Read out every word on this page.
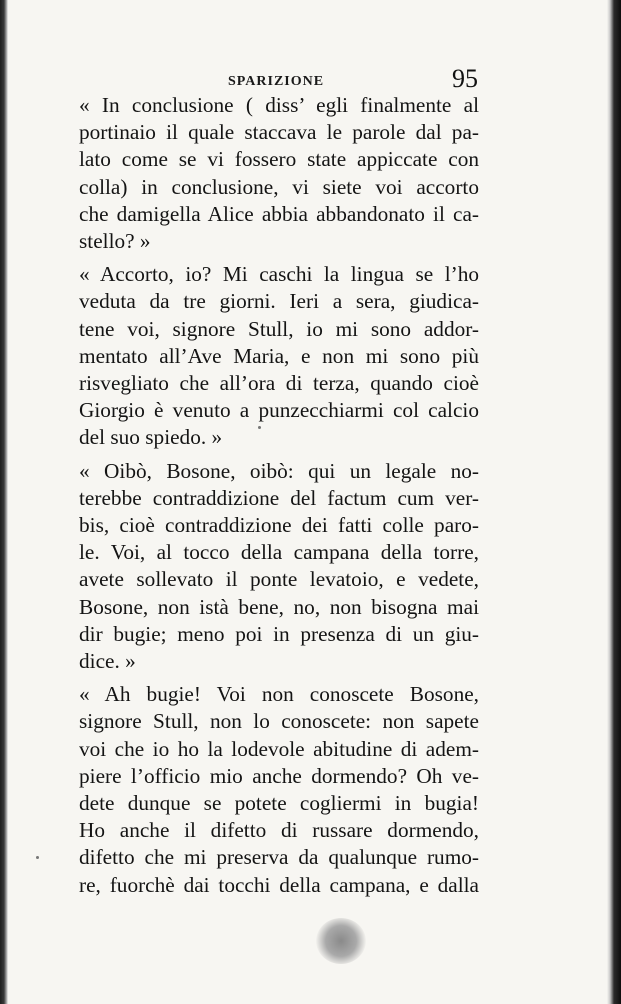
SPARIZIONE	95

« In conclusione ( diss’ egli finalmente al
portinaio il quale staccava le parole dal pa-
lato come se vi fossero state appiccate con
colla) in conclusione, vi siete voi accorto
che damigella Alice abbia abbandonato il ca-
stello? »

« Accorto, io? Mi caschi la lingua se l’ho
veduta da tre giorni. Ieri a sera, giudica-
tene voi, signore Stull, io mi sono addor-
mentato all’Ave Maria, e non mi sono più
risvegliato che all’ora di terza, quando cioè
Giorgio è venuto a punzecchiarmi col calcio
del suo spiedo. »

« Oibò, Bosone, oibò: qui un legale no-
terebbe contraddizione del factum cum ver-
bis, cioè contraddizione dei fatti colle paro-
le. Voi, al tocco della campana della torre,
avete sollevato il ponte levatoio, e vedete,
Bosone, non istà bene, no, non bisogna mai
dir bugie; meno poi in presenza di un giu-
dice. »

« Ah bugie! Voi non conoscete Bosone,
signore Stull, non lo conoscete: non sapete
voi che io ho la lodevole abitudine di adem-
piere l’officio mio anche dormendo? Oh ve-
dete dunque se potete cogliermi in bugia!
Ho anche il difetto di russare dormendo,
difetto che mi preserva da qualunque rumo-
re, fuorchè dai tocchi della campana, e dalla
